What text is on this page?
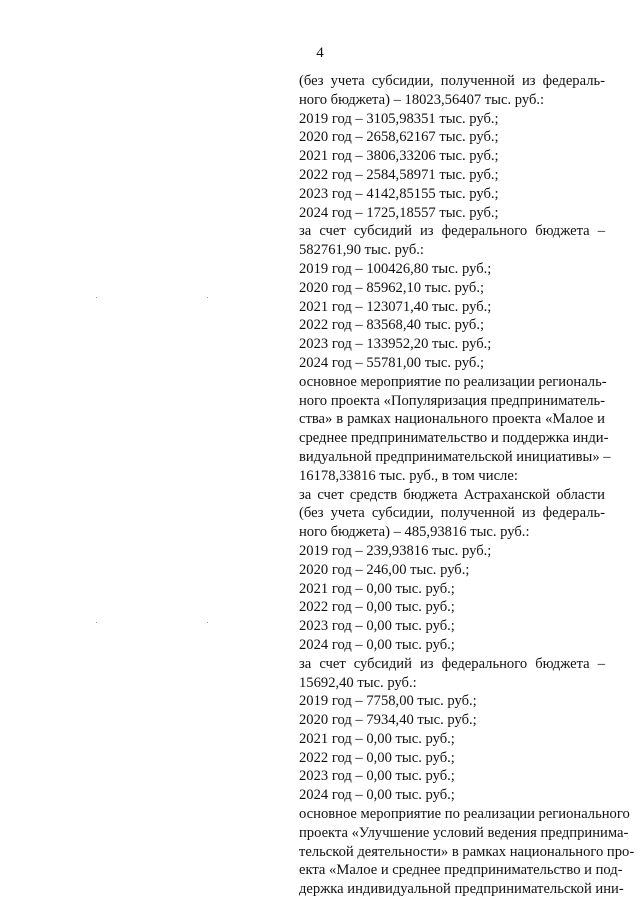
4
(без учета субсидии, полученной из федераль-
ного бюджета) – 18023,56407 тыс. руб.:
2019 год – 3105,98351 тыс. руб.;
2020 год – 2658,62167 тыс. руб.;
2021 год – 3806,33206 тыс. руб.;
2022 год – 2584,58971 тыс. руб.;
2023 год – 4142,85155 тыс. руб.;
2024 год – 1725,18557 тыс. руб.;
за счет субсидий из федерального бюджета –
582761,90 тыс. руб.:
2019 год – 100426,80 тыс. руб.;
2020 год – 85962,10 тыс. руб.;
2021 год – 123071,40 тыс. руб.;
2022 год – 83568,40 тыс. руб.;
2023 год – 133952,20 тыс. руб.;
2024 год – 55781,00 тыс. руб.;
основное мероприятие по реализации региональ-
ного проекта «Популяризация предприниматель-
ства» в рамках национального проекта «Малое и
среднее предпринимательство и поддержка инди-
видуальной предпринимательской инициативы» –
16178,33816 тыс. руб., в том числе:
за счет средств бюджета Астраханской области
(без учета субсидии, полученной из федераль-
ного бюджета) – 485,93816 тыс. руб.:
2019 год – 239,93816 тыс. руб.;
2020 год – 246,00 тыс. руб.;
2021 год – 0,00 тыс. руб.;
2022 год – 0,00 тыс. руб.;
2023 год – 0,00 тыс. руб.;
2024 год – 0,00 тыс. руб.;
за счет субсидий из федерального бюджета –
15692,40 тыс. руб.:
2019 год – 7758,00 тыс. руб.;
2020 год – 7934,40 тыс. руб.;
2021 год – 0,00 тыс. руб.;
2022 год – 0,00 тыс. руб.;
2023 год – 0,00 тыс. руб.;
2024 год – 0,00 тыс. руб.;
основное мероприятие по реализации регионального
проекта «Улучшение условий ведения предпринима-
тельской деятельности» в рамках национального про-
екта «Малое и среднее предпринимательство и под-
держка индивидуальной предпринимательской ини-
